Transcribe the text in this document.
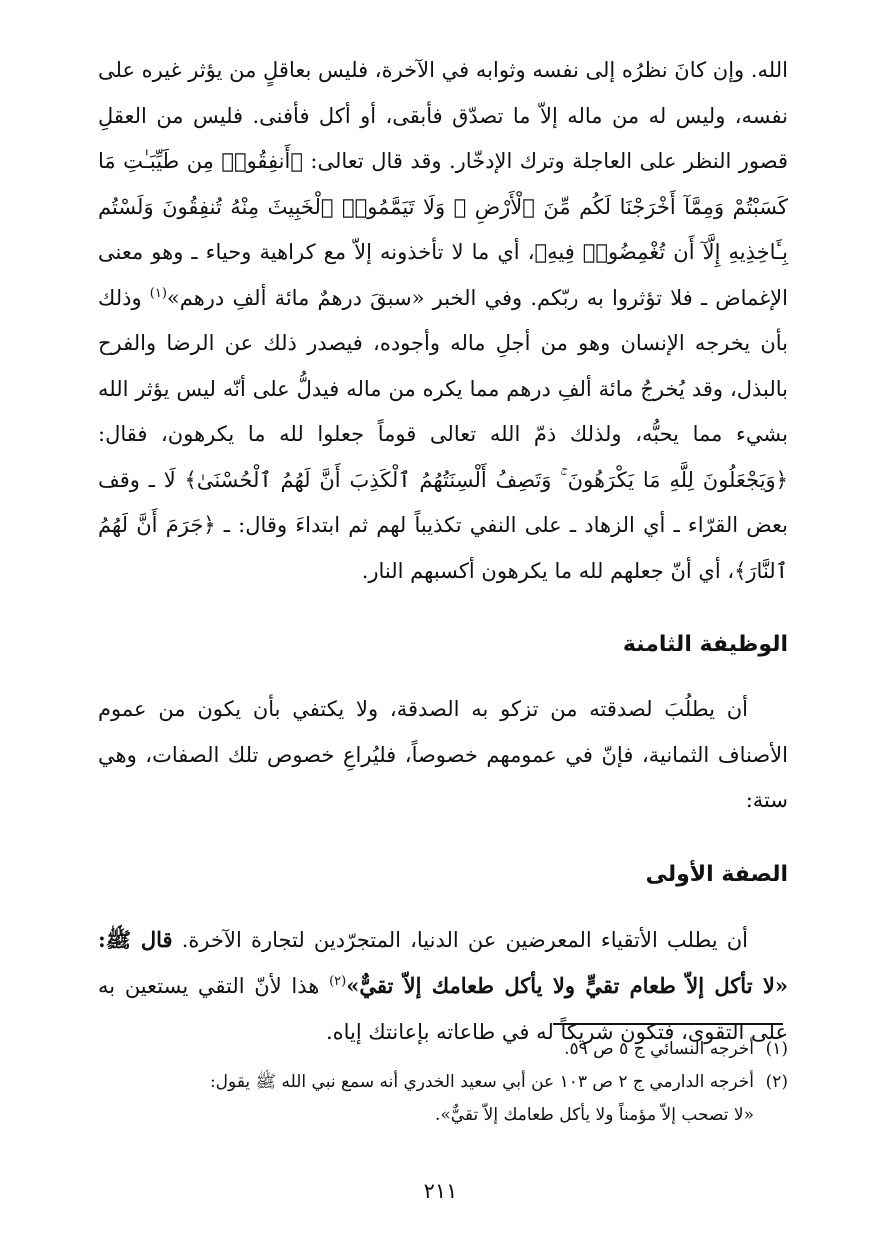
الله. وإن كانَ نظرُه إلى نفسه وثوابه في الآخرة، فليس بعاقلٍ من يؤثر غيره على نفسه، وليس له من ماله إلاّ ما تصدّق فأبقى، أو أكل فأفنى. فليس من العقلِ قصور النظر على العاجلة وترك الإدخّار. وقد قال تعالى: ﴿أَنفِقُوا۟ مِن طَيِّبَـٰتِ مَا كَسَبْتُمْ وَمِمَّآ أَخْرَجْنَا لَكُم مِّنَ ٱلْأَرْضِ ۖ وَلَا تَيَمَّمُوا۟ ٱلْخَبِيثَ مِنْهُ تُنفِقُونَ وَلَسْتُم بِـَٔاخِذِيهِ إِلَّآ أَن تُغْمِضُوا۟ فِيهِ﴾، أي ما لا تأخذونه إلاّ مع كراهية وحياء ـ وهو معنى الإغماض ـ فلا تؤثروا به ربّكم. وفي الخبر «سبقَ درهمٌ مائة ألفِ درهم»$^{(١)}$ وذلك بأن يخرجه الإنسان وهو من أجلِ ماله وأجوده، فيصدر ذلك عن الرضا والفرح بالبذل، وقد يُخرجُ مائة ألفِ درهم مما يكره من ماله فيدلُّ على أنّه ليس يؤثر الله بشيء مما يحبُّه، ولذلك ذمّ الله تعالى قوماً جعلوا لله ما يكرهون، فقال: ﴿وَيَجْعَلُونَ لِلَّهِ مَا يَكْرَهُونَ ۚ وَتَصِفُ أَلْسِنَتُهُمُ ٱلْكَذِبَ أَنَّ لَهُمُ ٱلْحُسْنَىٰ﴾ لَا ـ وقف بعض القرّاء ـ أي الزهاد ـ على النفي تكذيباً لهم ثم ابتداءَ وقال: ـ ﴿جَرَمَ أَنَّ لَهُمُ ٱلنَّارَ﴾، أي أنّ جعلهم لله ما يكرهون أكسبهم النار.

الوظيفة الثامنة

أن يطلُبَ لصدقته من تزكو به الصدقة، ولا يكتفي بأن يكون من عموم الأصناف الثمانية، فإنّ في عمومهم خصوصاً، فليُراعِ خصوص تلك الصفات، وهي ستة:

الصفة الأولى

أن يطلب الأتقياء المعرضين عن الدنيا، المتجرّدين لتجارة الآخرة. قال ﷺ: «لا تأكل إلاّ طعام تقيٍّ ولا يأكل طعامك إلاّ تقيٌّ»$^{(٢)}$ هذا لأنّ التقي يستعين به على التقوى، فتكون شريكاً له في طاعاته بإعانتك إياه.

(١)
أخرجه النسائي ج ٥ ص ٥٩.
(٢)
أخرجه الدارمي ج ٢ ص ١٠٣ عن أبي سعيد الخدري أنه سمع نبي الله ﷺ يقول:
«لا تصحب إلاّ مؤمناً ولا يأكل طعامك إلاّ تقيٌّ».
٢١١
